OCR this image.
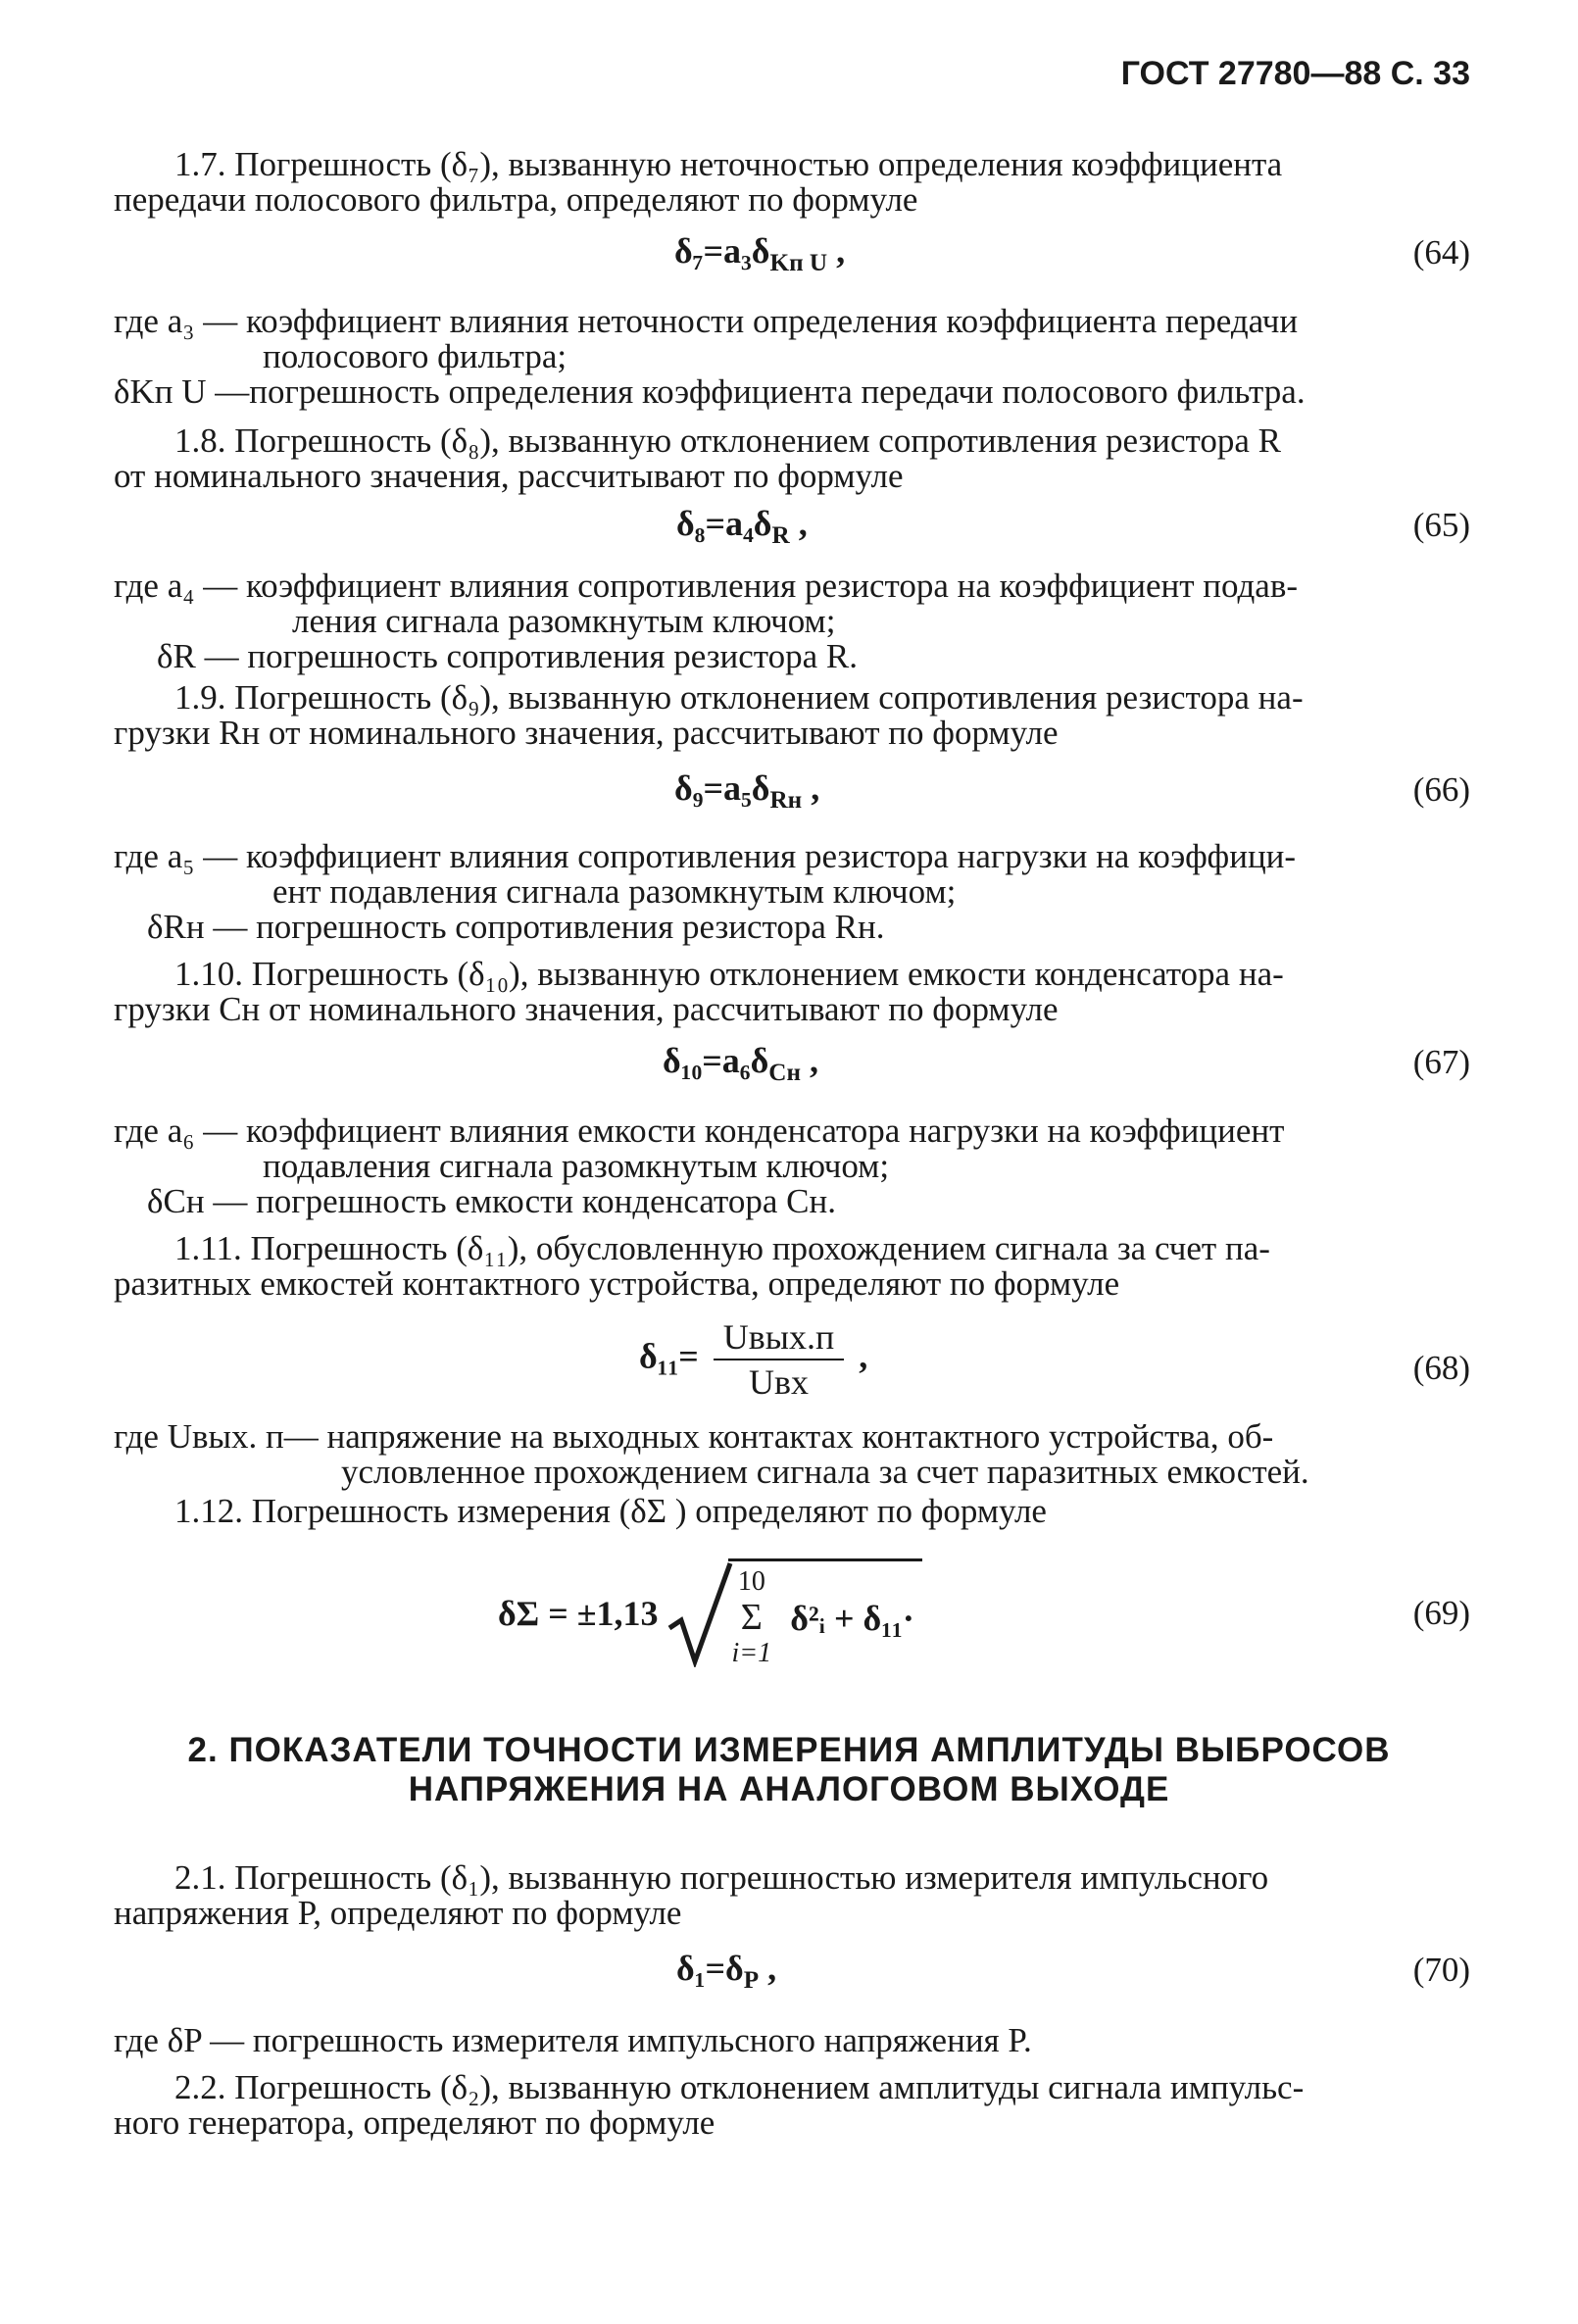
ГОСТ 27780—88 С. 33
1.7. Погрешность (δ₇), вызванную неточностью определения коэффициента
передачи полосового фильтра, определяют по формуле
$\delta_7=a_3\delta_{Kп U}$ ,	(64)
где a₃ — коэффициент влияния неточности определения коэффициента передачи
полосового фильтра;
δKп U —погрешность определения коэффициента передачи полосового фильтра.
1.8. Погрешность (δ₈), вызванную отклонением сопротивления резистора R
от номинального значения, рассчитывают по формуле
$\delta_8=a_4\delta_R$ ,	(65)
где a₄ — коэффициент влияния сопротивления резистора на коэффициент подав-
ления сигнала разомкнутым ключом;
δR — погрешность сопротивления резистора R.
1.9. Погрешность (δ₉), вызванную отклонением сопротивления резистора на-
грузки Rн от номинального значения, рассчитывают по формуле
$\delta_9=a_5\delta_{Rн}$ ,	(66)
где a₅ — коэффициент влияния сопротивления резистора нагрузки на коэффици-
ент подавления сигнала разомкнутым ключом;
δRн — погрешность сопротивления резистора Rн.
1.10. Погрешность (δ₁₀), вызванную отклонением емкости конденсатора на-
грузки Cн от номинального значения, рассчитывают по формуле
$\delta_{10}=a_6\delta_{Cн}$ ,	(67)
где a₆ — коэффициент влияния емкости конденсатора нагрузки на коэффициент
подавления сигнала разомкнутым ключом;
δCн — погрешность емкости конденсатора Cн.
1.11. Погрешность (δ₁₁), обусловленную прохождением сигнала за счет па-
разитных емкостей контактного устройства, определяют по формуле
$\delta_{11}= \frac{\text{Uвых.п}}{\text{Uвх}}$ ,	(68)
где Uвых. п— напряжение на выходных контактах контактного устройства, об-
условленное прохождением сигнала за счет паразитных емкостей.
1.12. Погрешность измерения (δΣ ) определяют по формуле
δΣ = ±1,13
10
Σ
i=1
δ²ᵢ + δ₁₁·	(69)
2. ПОКАЗАТЕЛИ ТОЧНОСТИ ИЗМЕРЕНИЯ АМПЛИТУДЫ ВЫБРОСОВ
НАПРЯЖЕНИЯ НА АНАЛОГОВОМ ВЫХОДЕ
2.1. Погрешность (δ₁), вызванную погрешностью измерителя импульсного
напряжения P, определяют по формуле
$\delta_1=\delta_P$ ,	(70)
где δP — погрешность измерителя импульсного напряжения P.
2.2. Погрешность (δ₂), вызванную отклонением амплитуды сигнала импульс-
ного генератора, определяют по формуле
